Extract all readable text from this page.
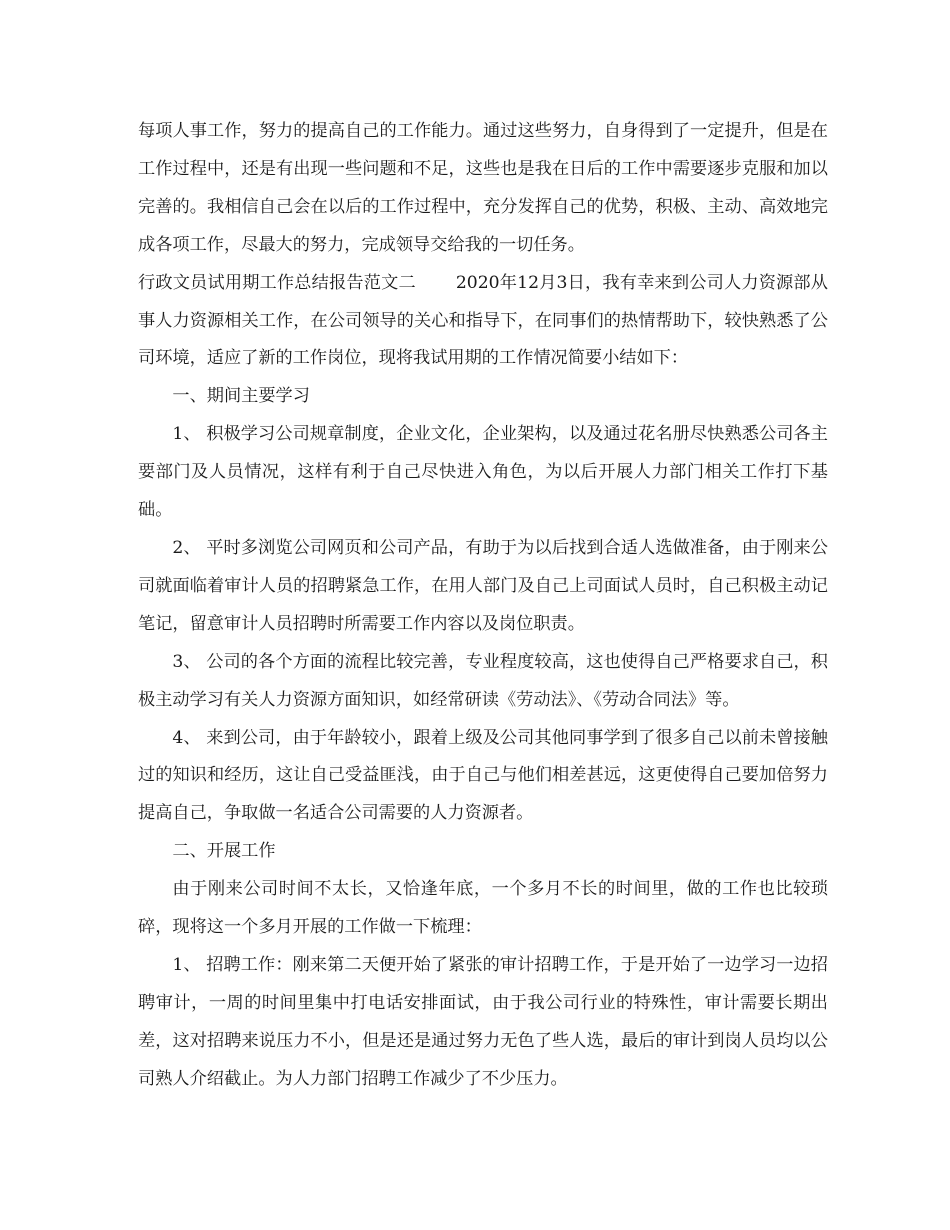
每项人事工作，努力的提高自己的工作能力。通过这些努力，自身得到了一定提升，但是在工作过程中，还是有出现一些问题和不足，这些也是我在日后的工作中需要逐步克服和加以完善的。我相信自己会在以后的工作过程中，充分发挥自己的优势，积极、主动、高效地完成各项工作，尽最大的努力，完成领导交给我的一切任务。

行政文员试用期工作总结报告范文二 2020年12月3日，我有幸来到公司人力资源部从事人力资源相关工作，在公司领导的关心和指导下，在同事们的热情帮助下，较快熟悉了公司环境，适应了新的工作岗位，现将我试用期的工作情况简要小结如下：

一、期间主要学习

1、 积极学习公司规章制度，企业文化，企业架构，以及通过花名册尽快熟悉公司各主要部门及人员情况，这样有利于自己尽快进入角色，为以后开展人力部门相关工作打下基础。

2、 平时多浏览公司网页和公司产品，有助于为以后找到合适人选做准备，由于刚来公司就面临着审计人员的招聘紧急工作，在用人部门及自己上司面试人员时，自己积极主动记笔记，留意审计人员招聘时所需要工作内容以及岗位职责。

3、 公司的各个方面的流程比较完善，专业程度较高，这也使得自己严格要求自己，积极主动学习有关人力资源方面知识，如经常研读《劳动法》、《劳动合同法》等。

4、 来到公司，由于年龄较小，跟着上级及公司其他同事学到了很多自己以前未曾接触过的知识和经历，这让自己受益匪浅，由于自己与他们相差甚远，这更使得自己要加倍努力提高自己，争取做一名适合公司需要的人力资源者。

二、开展工作

由于刚来公司时间不太长，又恰逢年底，一个多月不长的时间里，做的工作也比较琐碎，现将这一个多月开展的工作做一下梳理：

1、 招聘工作：刚来第二天便开始了紧张的审计招聘工作，于是开始了一边学习一边招聘审计，一周的时间里集中打电话安排面试，由于我公司行业的特殊性，审计需要长期出差，这对招聘来说压力不小，但是还是通过努力无色了些人选，最后的审计到岗人员均以公司熟人介绍截止。为人力部门招聘工作减少了不少压力。
